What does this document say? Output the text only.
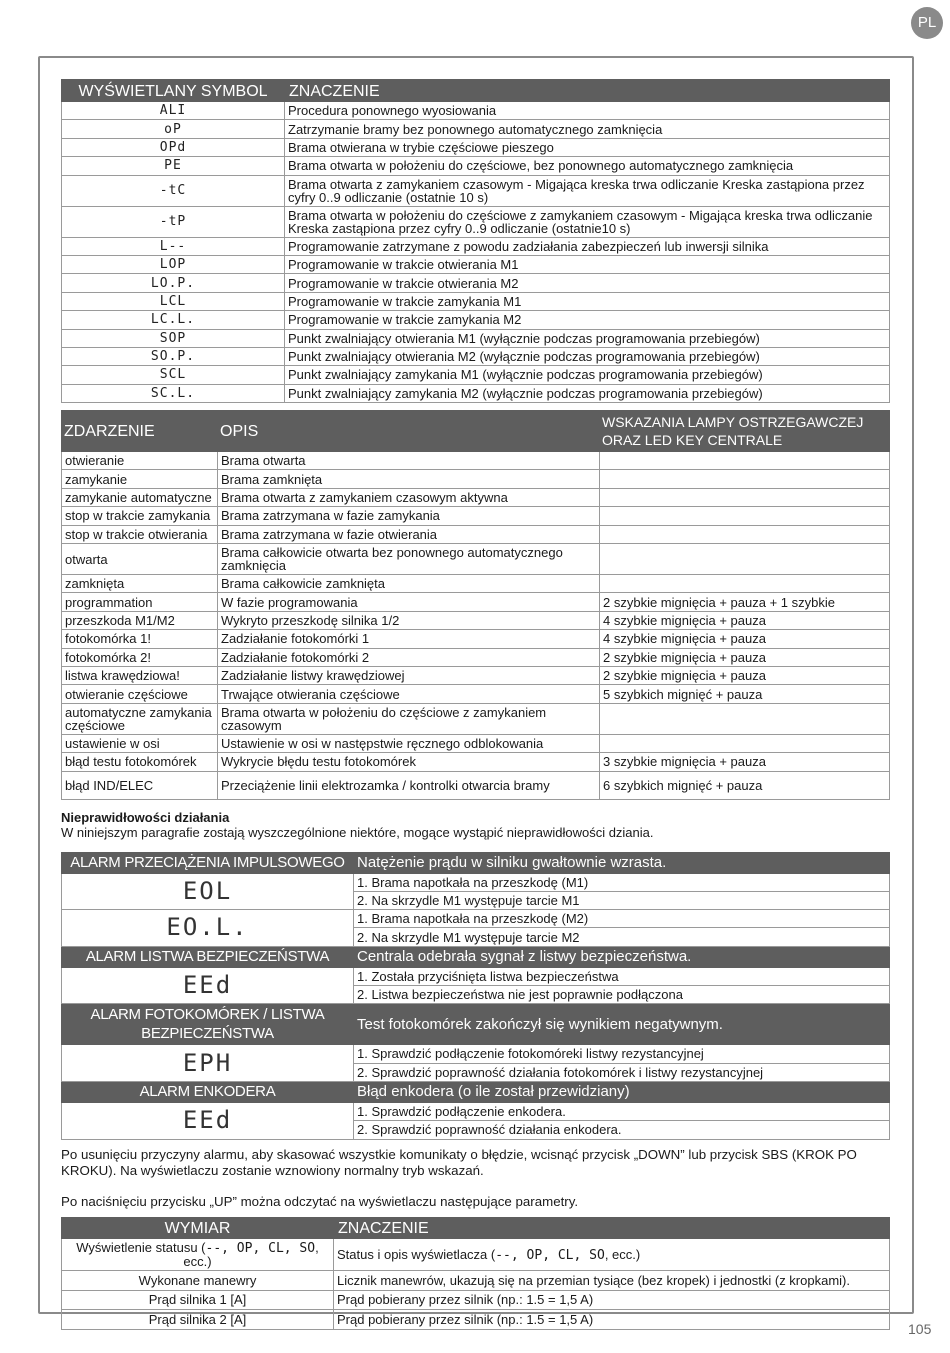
PL
WYŚWIETLANY SYMBOL	ZNACZENIE
ALI	Procedura ponownego wyosiowania
oP	Zatrzymanie bramy bez ponownego automatycznego zamknięcia
OPd	Brama otwierana w trybie częściowe pieszego
PE	Brama otwarta w położeniu do częściowe, bez ponownego automatycznego zamknięcia
-tC	Brama otwarta z zamykaniem czasowym - Migająca kreska trwa odliczanie Kreska zastąpiona przez cyfry 0..9 odliczanie (ostatnie 10 s)
-tP	Brama otwarta w położeniu do częściowe z zamykaniem czasowym - Migająca kreska trwa odliczanie Kreska zastąpiona przez cyfry 0..9 odliczanie (ostatnie10 s)
L--	Programowanie zatrzymane z powodu zadziałania zabezpieczeń lub inwersji silnika
LOP	Programowanie w trakcie otwierania M1
LO.P.	Programowanie w trakcie otwierania M2
LCL	Programowanie w trakcie zamykania M1
LC.L.	Programowanie w trakcie zamykania M2
SOP	Punkt zwalniający otwierania M1 (wyłącznie podczas programowania przebiegów)
SO.P.	Punkt zwalniający otwierania M2 (wyłącznie podczas programowania przebiegów)
SCL	Punkt zwalniający zamykania M1 (wyłącznie podczas programowania przebiegów)
SC.L.	Punkt zwalniający zamykania M2 (wyłącznie podczas programowania przebiegów)
ZDARZENIE	OPIS	WSKAZANIA LAMPY OSTRZEGAWCZEJ ORAZ LED KEY CENTRALE
otwieranie	Brama otwarta	
zamykanie	Brama zamknięta	
zamykanie automatyczne	Brama otwarta z zamykaniem czasowym aktywna	
stop w trakcie zamykania	Brama zatrzymana w fazie zamykania	
stop w trakcie otwierania	Brama zatrzymana w fazie otwierania	
otwarta	Brama całkowicie otwarta bez ponownego automatycznego zamknięcia	
zamknięta	Brama całkowicie zamknięta	
programmation	W fazie programowania	2 szybkie mignięcia + pauza + 1 szybkie
przeszkoda M1/M2	Wykryto przeszkodę silnika 1/2	4 szybkie mignięcia + pauza
fotokomórka 1!	Zadziałanie fotokomórki 1	4 szybkie mignięcia + pauza
fotokomórka 2!	Zadziałanie fotokomórki 2	2 szybkie mignięcia + pauza
listwa krawędziowa!	Zadziałanie listwy krawędziowej	2 szybkie mignięcia + pauza
otwieranie częściowe	Trwające otwierania częściowe	5 szybkich mignięć + pauza
automatyczne zamykania częściowe	Brama otwarta w położeniu do częściowe z zamykaniem czasowym	
ustawienie w osi	Ustawienie w osi w następstwie ręcznego odblokowania	
błąd testu fotokomórek	Wykrycie błędu testu fotokomórek	3 szybkie mignięcia + pauza
błąd IND/ELEC	Przeciążenie linii elektrozamka / kontrolki otwarcia bramy	6 szybkich mignięć + pauza
Nieprawidłowości działania
W niniejszym paragrafie zostają wyszczególnione niektóre, mogące wystąpić nieprawidłowości dziania.
ALARM PRZECIĄŻENIA IMPULSOWEGO	Natężenie prądu w silniku gwałtownie wzrasta.
EOL	1. Brama napotkała na przeszkodę (M1)
	2. Na skrzydle M1 występuje tarcie M1
EO.L.	1. Brama napotkała na przeszkodę (M2)
	2. Na skrzydle M1 występuje tarcie M2
ALARM LISTWA BEZPIECZEŃSTWA	Centrala odebrała sygnał z listwy bezpieczeństwa.
EEd	1. Została przyciśnięta listwa bezpieczeństwa
	2. Listwa bezpieczeństwa nie jest poprawnie podłączona
ALARM FOTOKOMÓREK / LISTWA BEZPIECZEŃSTWA	Test fotokomórek zakończył się wynikiem negatywnym.
EPH	1. Sprawdzić podłączenie fotokomóreki listwy rezystancyjnej
	2. Sprawdzić poprawność działania fotokomórek i listwy rezystancyjnej
ALARM ENKODERA	Błąd enkodera (o ile został przewidziany)
EEd	1. Sprawdzić podłączenie enkodera.
	2. Sprawdzić poprawność działania enkodera.
Po usunięciu przyczyny alarmu, aby skasować wszystkie komunikaty o błędzie, wcisnąć przycisk „DOWN” lub przycisk SBS (KROK PO KROKU). Na wyświetlaczu zostanie wznowiony normalny tryb wskazań.
Po naciśnięciu przycisku „UP” można odczytać na wyświetlaczu następujące parametry.
WYMIAR	ZNACZENIE
Wyświetlenie statusu (--, OP, CL, SO, ecc.)	Status i opis wyświetlacza (--, OP, CL, SO, ecc.)
Wykonane manewry	Licznik manewrów, ukazują się na przemian tysiące (bez kropek) i jednostki (z kropkami).
Prąd silnika 1 [A]	Prąd pobierany przez silnik (np.: 1.5 = 1,5 A)
Prąd silnika 2 [A]	Prąd pobierany przez silnik (np.: 1.5 = 1,5 A)
105
